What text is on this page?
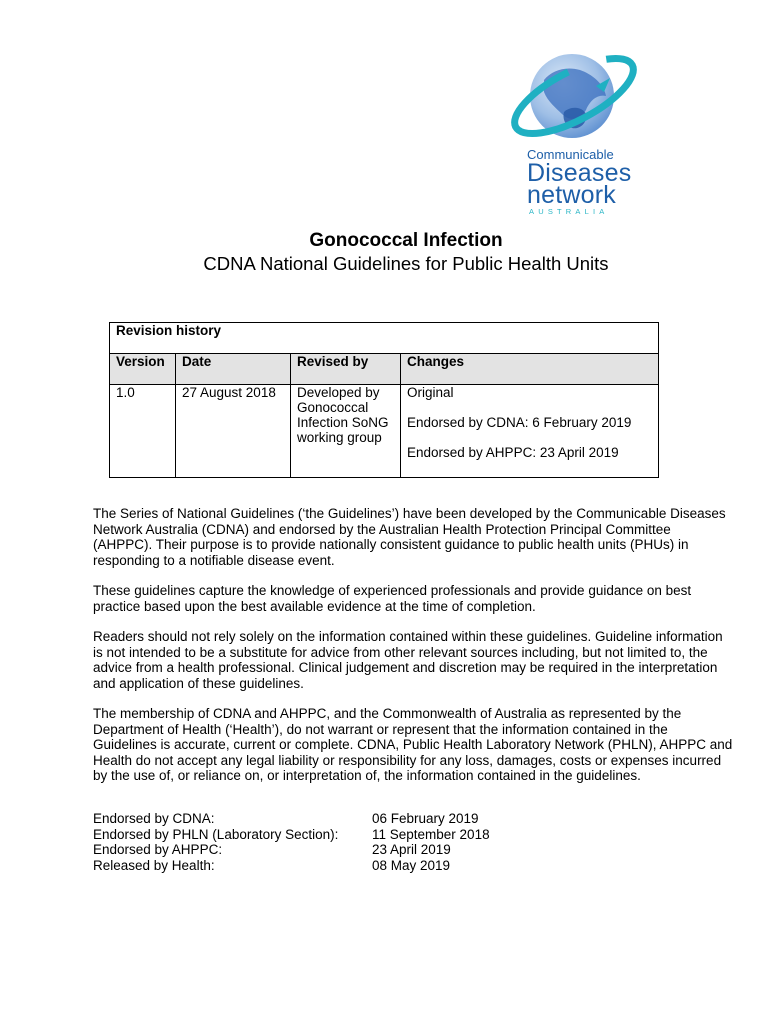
Communicable
Diseases
network
AUSTRALIA
Gonococcal Infection
CDNA National Guidelines for Public Health Units
Revision history			
Version	Date	Revised by	Changes
1.0	27 August 2018	Developed by Gonococcal Infection SoNG working group	Original

Endorsed by CDNA: 6 February 2019

Endorsed by AHPPC: 23 April 2019

The Series of National Guidelines (‘the Guidelines’) have been developed by the Communicable Diseases Network Australia (CDNA) and endorsed by the Australian Health Protection Principal Committee (AHPPC). Their purpose is to provide nationally consistent guidance to public health units (PHUs) in responding to a notifiable disease event.

These guidelines capture the knowledge of experienced professionals and provide guidance on best practice based upon the best available evidence at the time of completion.

Readers should not rely solely on the information contained within these guidelines. Guideline information is not intended to be a substitute for advice from other relevant sources including, but not limited to, the advice from a health professional. Clinical judgement and discretion may be required in the interpretation and application of these guidelines.

The membership of CDNA and AHPPC, and the Commonwealth of Australia as represented by the Department of Health (‘Health’), do not warrant or represent that the information contained in the Guidelines is accurate, current or complete. CDNA, Public Health Laboratory Network (PHLN), AHPPC and Health do not accept any legal liability or responsibility for any loss, damages, costs or expenses incurred by the use of, or reliance on, or interpretation of, the information contained in the guidelines.

Endorsed by CDNA:	06 February 2019
Endorsed by PHLN (Laboratory Section):	11 September 2018
Endorsed by AHPPC:	23 April 2019
Released by Health:	08 May 2019
